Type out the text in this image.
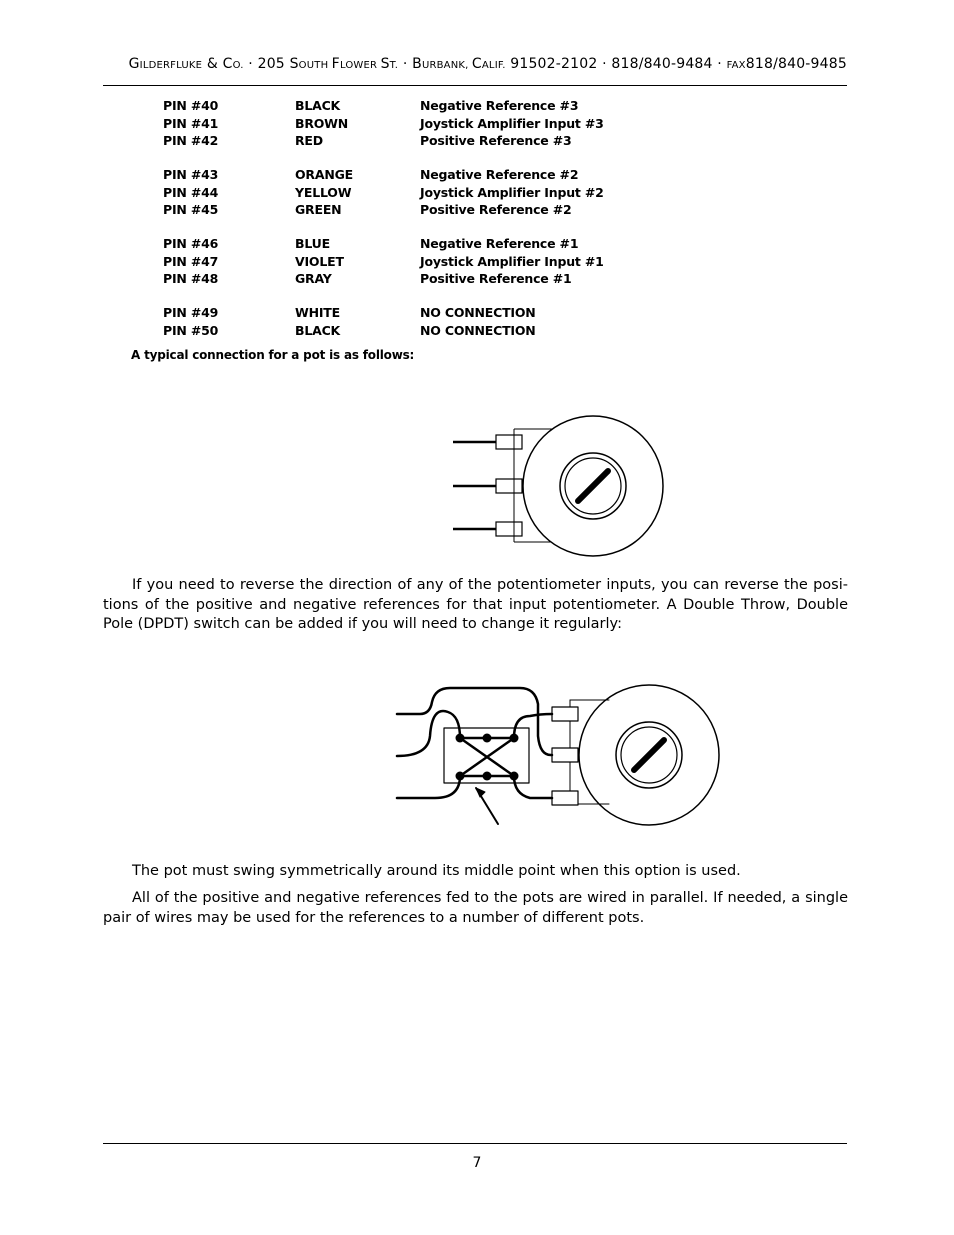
GILDERFLUKE & CO. · 205 SOUTH FLOWER ST. · BURBANK, CALIF. 91502-2102 · 818/840-9484 · FAX818/840-9485
PIN #40	BLACK	Negative Reference #3
PIN #41	BROWN	Joystick Amplifier Input #3
PIN #42	RED	Positive Reference #3
PIN #43	ORANGE	Negative Reference #2
PIN #44	YELLOW	Joystick Amplifier Input #2
PIN #45	GREEN	Positive Reference #2
PIN #46	BLUE	Negative Reference #1
PIN #47	VIOLET	Joystick Amplifier Input #1
PIN #48	GRAY	Positive Reference #1
PIN #49	WHITE	NO CONNECTION
PIN #50	BLACK	NO CONNECTION
A typical connection for a pot is as follows:

If you need to reverse the direction of any of the potentiometer inputs, you can reverse the posi-tions of the positive and negative references for that input potentiometer. A Double Throw, Double Pole (DPDT) switch can be added if you will need to change it regularly:

The pot must swing symmetrically around its middle point when this option is used.

All of the positive and negative references fed to the pots are wired in parallel. If needed, a single pair of wires may be used for the references to a number of different pots.

7
